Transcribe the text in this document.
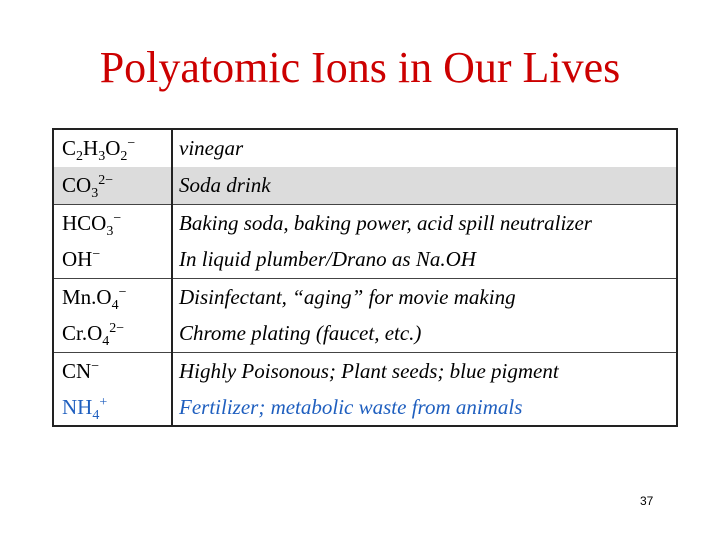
Polyatomic Ions in Our Lives
$C_2H_3O_2^-$ vinegar
$CO_3^{2-}$	Soda drink
$HCO_3^-$	Baking soda, baking power, acid spill neutralizer
OH−	In liquid plumber/Drano as Na.OH
$Mn.O_4^-$	Disinfectant, “aging” for movie making
$Cr.O_4^{2-}$	Chrome plating (faucet, etc.)
CN−	Highly Poisonous; Plant seeds; blue pigment
$NH_4^+$	Fertilizer; metabolic waste from animals
37
